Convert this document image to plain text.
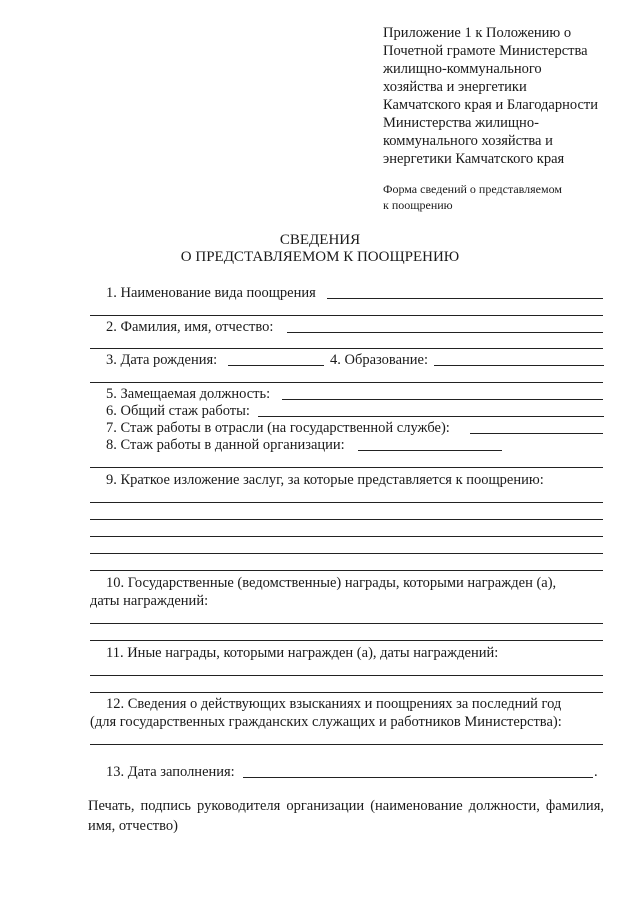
Приложение 1 к Положению о
Почетной грамоте Министерства
жилищно-коммунального
хозяйства и энергетики
Камчатского края и Благодарности
Министерства жилищно-
коммунального хозяйства и
энергетики Камчатского края
Форма сведений о представляемом
к поощрению
СВЕДЕНИЯ
О ПРЕДСТАВЛЯЕМОМ К ПООЩРЕНИЮ
1. Наименование вида поощрения
2. Фамилия, имя, отчество:
3. Дата рождения:	4. Образование:
5. Замещаемая должность:
6. Общий стаж работы:
7. Стаж работы в отрасли (на государственной службе):
8. Стаж работы в данной организации:
9. Краткое изложение заслуг, за которые представляется к поощрению:
10. Государственные (ведомственные) награды, которыми награжден (а),
даты награждений:
11. Иные награды, которыми награжден (а), даты награждений:
12. Сведения о действующих взысканиях и поощрениях за последний год
(для государственных гражданских служащих и работников Министерства):
13. Дата заполнения:	.
Печать, подпись руководителя организации (наименование должности, фамилия, имя, отчество)
